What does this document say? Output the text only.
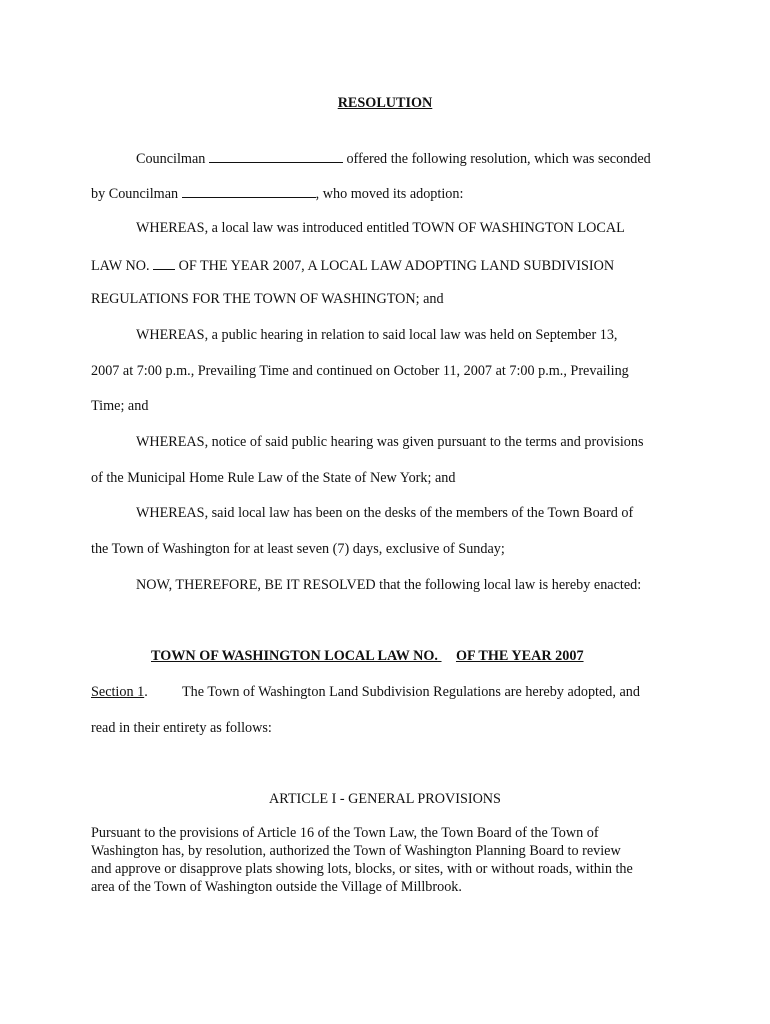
RESOLUTION
Councilman	offered the following resolution, which was seconded
by Councilman	, who moved its adoption:
WHEREAS, a local law was introduced entitled TOWN OF WASHINGTON LOCAL
LAW NO. OF THE YEAR 2007, A LOCAL LAW ADOPTING LAND SUBDIVISION
REGULATIONS FOR THE TOWN OF WASHINGTON; and
WHEREAS, a public hearing in relation to said local law was held on September 13,
2007 at 7:00 p.m., Prevailing Time and continued on October 11, 2007 at 7:00 p.m., Prevailing
Time; and
WHEREAS, notice of said public hearing was given pursuant to the terms and provisions
of the Municipal Home Rule Law of the State of New York; and
WHEREAS, said local law has been on the desks of the members of the Town Board of
the Town of Washington for at least seven (7) days, exclusive of Sunday;
NOW, THEREFORE, BE IT RESOLVED that the following local law is hereby enacted:
TOWN OF WASHINGTON LOCAL LAW NO. OF THE YEAR 2007
Section 1. The Town of Washington Land Subdivision Regulations are hereby adopted, and
read in their entirety as follows:
ARTICLE I - GENERAL PROVISIONS
Pursuant to the provisions of Article 16 of the Town Law, the Town Board of the Town of
Washington has, by resolution, authorized the Town of Washington Planning Board to review
and approve or disapprove plats showing lots, blocks, or sites, with or without roads, within the
area of the Town of Washington outside the Village of Millbrook.
